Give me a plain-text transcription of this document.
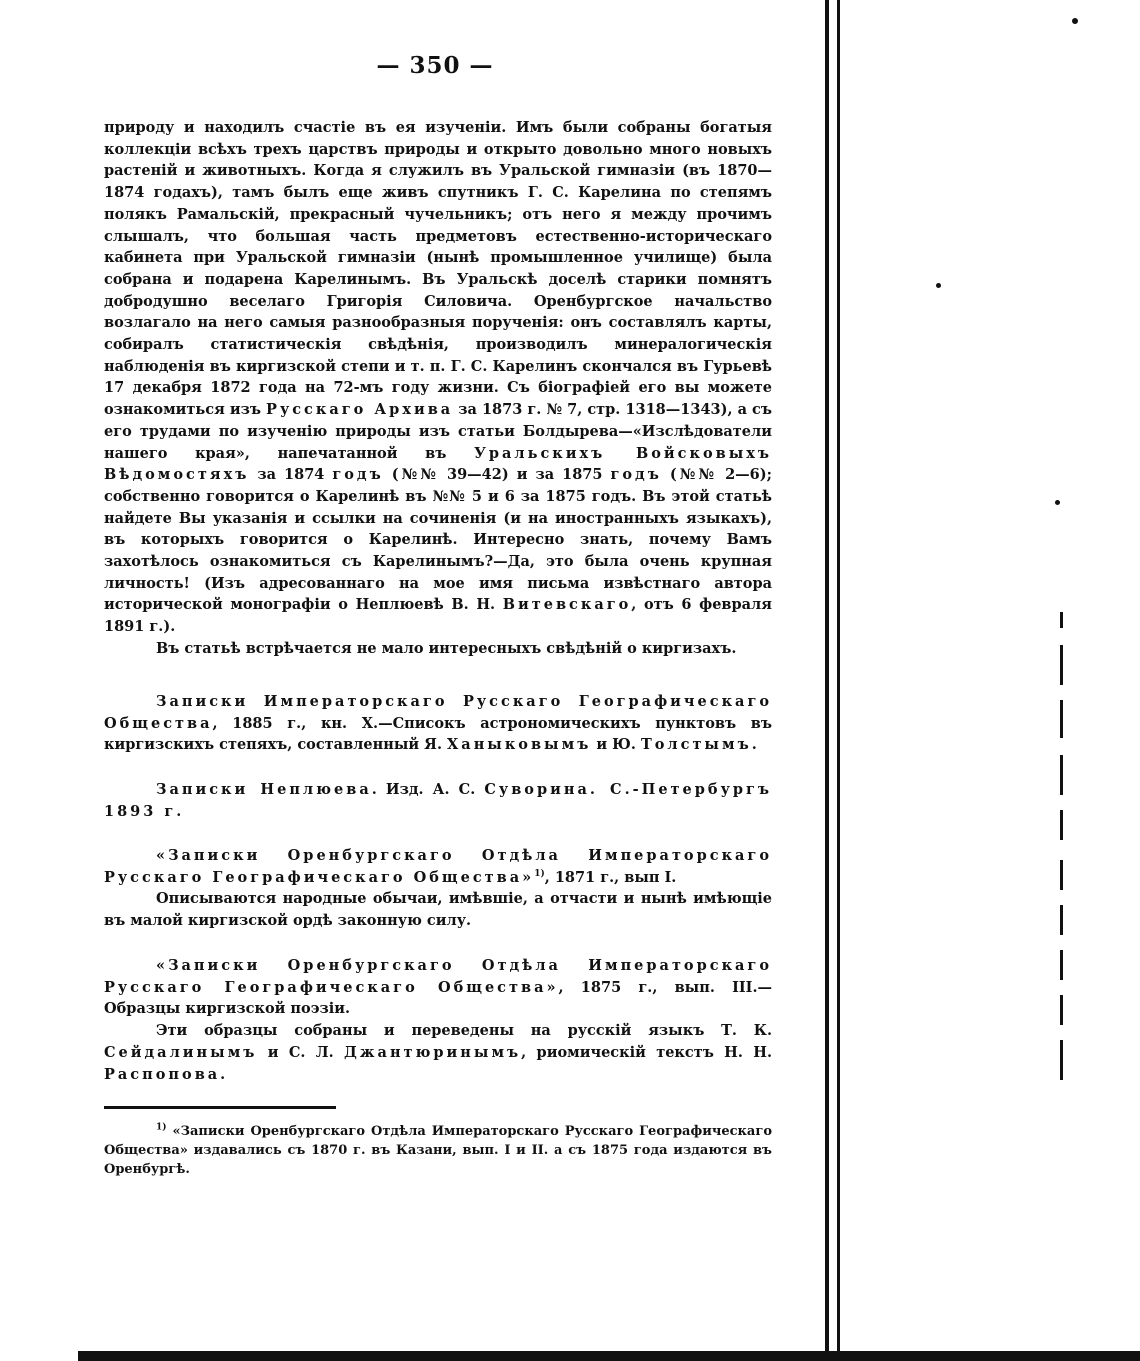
— 350 —

природу и находилъ счастіе въ ея изученіи. Имъ были собраны богатыя коллекціи всѣхъ трехъ царствъ природы и открыто довольно много новыхъ растеній и животныхъ. Когда я служилъ въ Уральской гимназіи (въ 1870—1874 годахъ), тамъ былъ еще живъ спутникъ Г. С. Карелина по степямъ полякъ Рамальскій, прекрасный чучельникъ; отъ него я между прочимъ слышалъ, что большая часть предметовъ естественно-историческаго кабинета при Уральской гимназіи (нынѣ промышленное училище) была собрана и подарена Карелинымъ. Въ Уральскѣ доселѣ старики помнятъ добродушно веселаго Григорія Силовича. Оренбургское начальство возлагало на него самыя разнообразныя порученія: онъ составлялъ карты, собиралъ статистическія свѣдѣнія, производилъ минералогическія наблюденія въ киргизской степи и т. п. Г. С. Карелинъ скончался въ Гурьевѣ 17 декабря 1872 года на 72-мъ году жизни. Съ біографіей его вы можете ознакомиться изъ Русскаго Архива за 1873 г. № 7, стр. 1318—1343), а съ его трудами по изученію природы изъ статьи Болдырева—«Изслѣдователи нашего края», напечатанной въ Уральскихъ Войсковыхъ Вѣдомостяхъ за 1874 годъ (№№ 39—42) и за 1875 годъ (№№ 2—6); собственно говорится о Карелинѣ въ №№ 5 и 6 за 1875 годъ. Въ этой статьѣ найдете Вы указанія и ссылки на сочиненія (и на иностранныхъ языкахъ), въ которыхъ говорится о Карелинѣ. Интересно знать, почему Вамъ захотѣлось ознакомиться съ Карелинымъ?—Да, это была очень крупная личность! (Изъ адресованнаго на мое имя письма извѣстнаго автора исторической монографіи о Неплюевѣ В. Н. Витевскаго, отъ 6 февраля 1891 г.).

Въ статьѣ встрѣчается не мало интересныхъ свѣдѣній о киргизахъ.

Записки Императорскаго Русскаго Географическаго Общества, 1885 г., кн. X.—Списокъ астрономическихъ пунктовъ въ киргизскихъ степяхъ, составленный Я. Ханыковымъ и Ю. Толстымъ.

Записки Неплюева. Изд. А. С. Суворина. С.-Петербургъ 1893 г.

«Записки Оренбургскаго Отдѣла Императорскаго Русскаго Географическаго Общества»$^{1)}$, 1871 г., вып I.

Описываются народные обычаи, имѣвшіе, а отчасти и нынѣ имѣющіе въ малой киргизской ордѣ законную силу.

«Записки Оренбургскаго Отдѣла Императорскаго Русскаго Географическаго Общества», 1875 г., вып. III.—Образцы киргизской поэзіи.

Эти образцы собраны и переведены на русскій языкъ Т. К. Сейдалинымъ и С. Л. Джантюринымъ, риомическій текстъ Н. Н. Распопова.

$^{1)}$ «Записки Оренбургскаго Отдѣла Императорскаго Русскаго Географическаго Общества» издавались съ 1870 г. въ Казани, вып. I и II. а съ 1875 года издаются въ Оренбургѣ.
